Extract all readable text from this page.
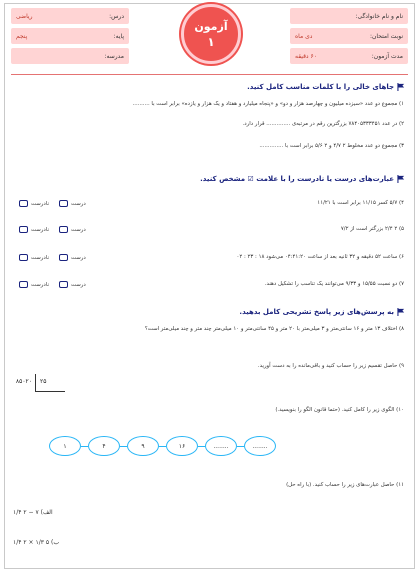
نام و نام خانوادگی:
نوبت امتحان:
دی ماه
مدت آزمون:
۶۰ دقیقه
آزمون
۱
درس:
ریاضی
پایه:
پنجم
مدرسه:
جاهای خالی را با کلمات مناسب کامل کنید.
۱) مجموع دو عدد «سیزده میلیون و چهارصد هزار و دو» و «پنجاه میلیارد و هفتاد و یک هزار و یازده» برابر است با ..........
۲) در عدد ۷۸۴۰۵۳۳۳۴۵۱ بزرگترین رقم در مرتبه‌ی .............. قرار دارد.
۳) مجموع دو عدد مخلوط ۲ ۴/۷ و ۲ ۵/۶ برابر است با ..............
عبارت‌های درست یا نادرست را با علامت ☑ مشخص کنید.
۴) ۵/۷ کسر ۱۱/۱۵ برابر است با ۱۱/۲۱
درست
نادرست
۵) ۲ ۲/۴ بزرگتر است از ۷/۲
درست
نادرست
۶) ساعت ۵۲ دقیقه و ۳۲ ثانیه بعد از ساعت ۰۴:۴۱:۲۰ می‌شود ۱۸ : ۲۳ : ۰۲
درست
نادرست
۷) دو نسبت ۱۵/۵۵ و ۹/۳۳ می‌توانند یک تناسب را تشکیل دهند.
درست
نادرست
به پرسش‌های زیر پاسخ تشریحی کامل بدهید.
۸) اختلاف ۱۳ متر و ۱۶ سانتی‌متر و ۳ میلی‌متر با ۲۰ متر و ۴۵ سانتی‌متر و ۱۰ میلی‌متر چند متر و چند میلی‌متر است؟
۹) حاصل تقسیم زیر را حساب کنید و باقی‌مانده را به دست آورید.
۸۵۰۲۰ ۲۵
۱۰) الگوی زیر را کامل کنید. (حتما قانون الگو را بنویسید.)
۱	۴	۹	۱۶	........	........
۱۱) حاصل عبارت‌های زیر را حساب کنید. (با راه حل)
الف) ۷ − ۲ ۱/۴
ب) ۵ ۱/۳ × ۲ ۱/۴
